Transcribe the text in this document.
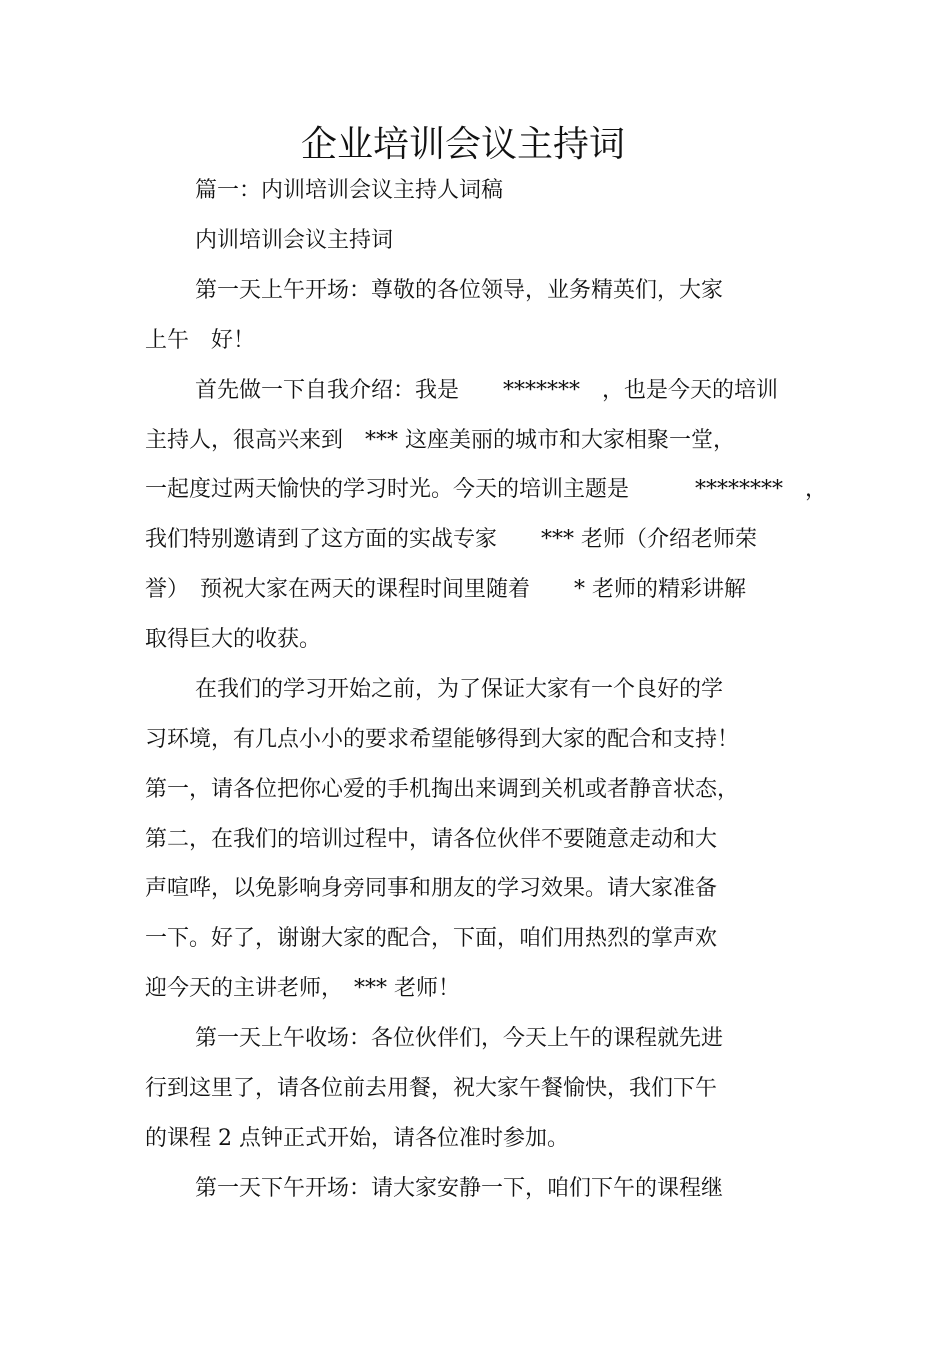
企业培训会议主持词
篇一：内训培训会议主持人词稿
内训培训会议主持词
第一天上午开场：尊敬的各位领导，业务精英们，大家
上午　好！
首先做一下自我介绍：我是　　*******　，也是今天的培训
主持人，很高兴来到　*** 这座美丽的城市和大家相聚一堂，
一起度过两天愉快的学习时光。今天的培训主题是　　　********　，
我们特别邀请到了这方面的实战专家　　*** 老师（介绍老师荣
誉）　预祝大家在两天的课程时间里随着　　* 老师的精彩讲解
取得巨大的收获。
在我们的学习开始之前，为了保证大家有一个良好的学
习环境，有几点小小的要求希望能够得到大家的配合和支持！
第一，请各位把你心爱的手机掏出来调到关机或者静音状态，
第二，在我们的培训过程中，请各位伙伴不要随意走动和大
声喧哗，以免影响身旁同事和朋友的学习效果。请大家准备
一下。好了，谢谢大家的配合，下面，咱们用热烈的掌声欢
迎今天的主讲老师，　*** 老师！
第一天上午收场：各位伙伴们，今天上午的课程就先进
行到这里了，请各位前去用餐，祝大家午餐愉快，我们下午
的课程 2 点钟正式开始，请各位准时参加。
第一天下午开场：请大家安静一下，咱们下午的课程继
